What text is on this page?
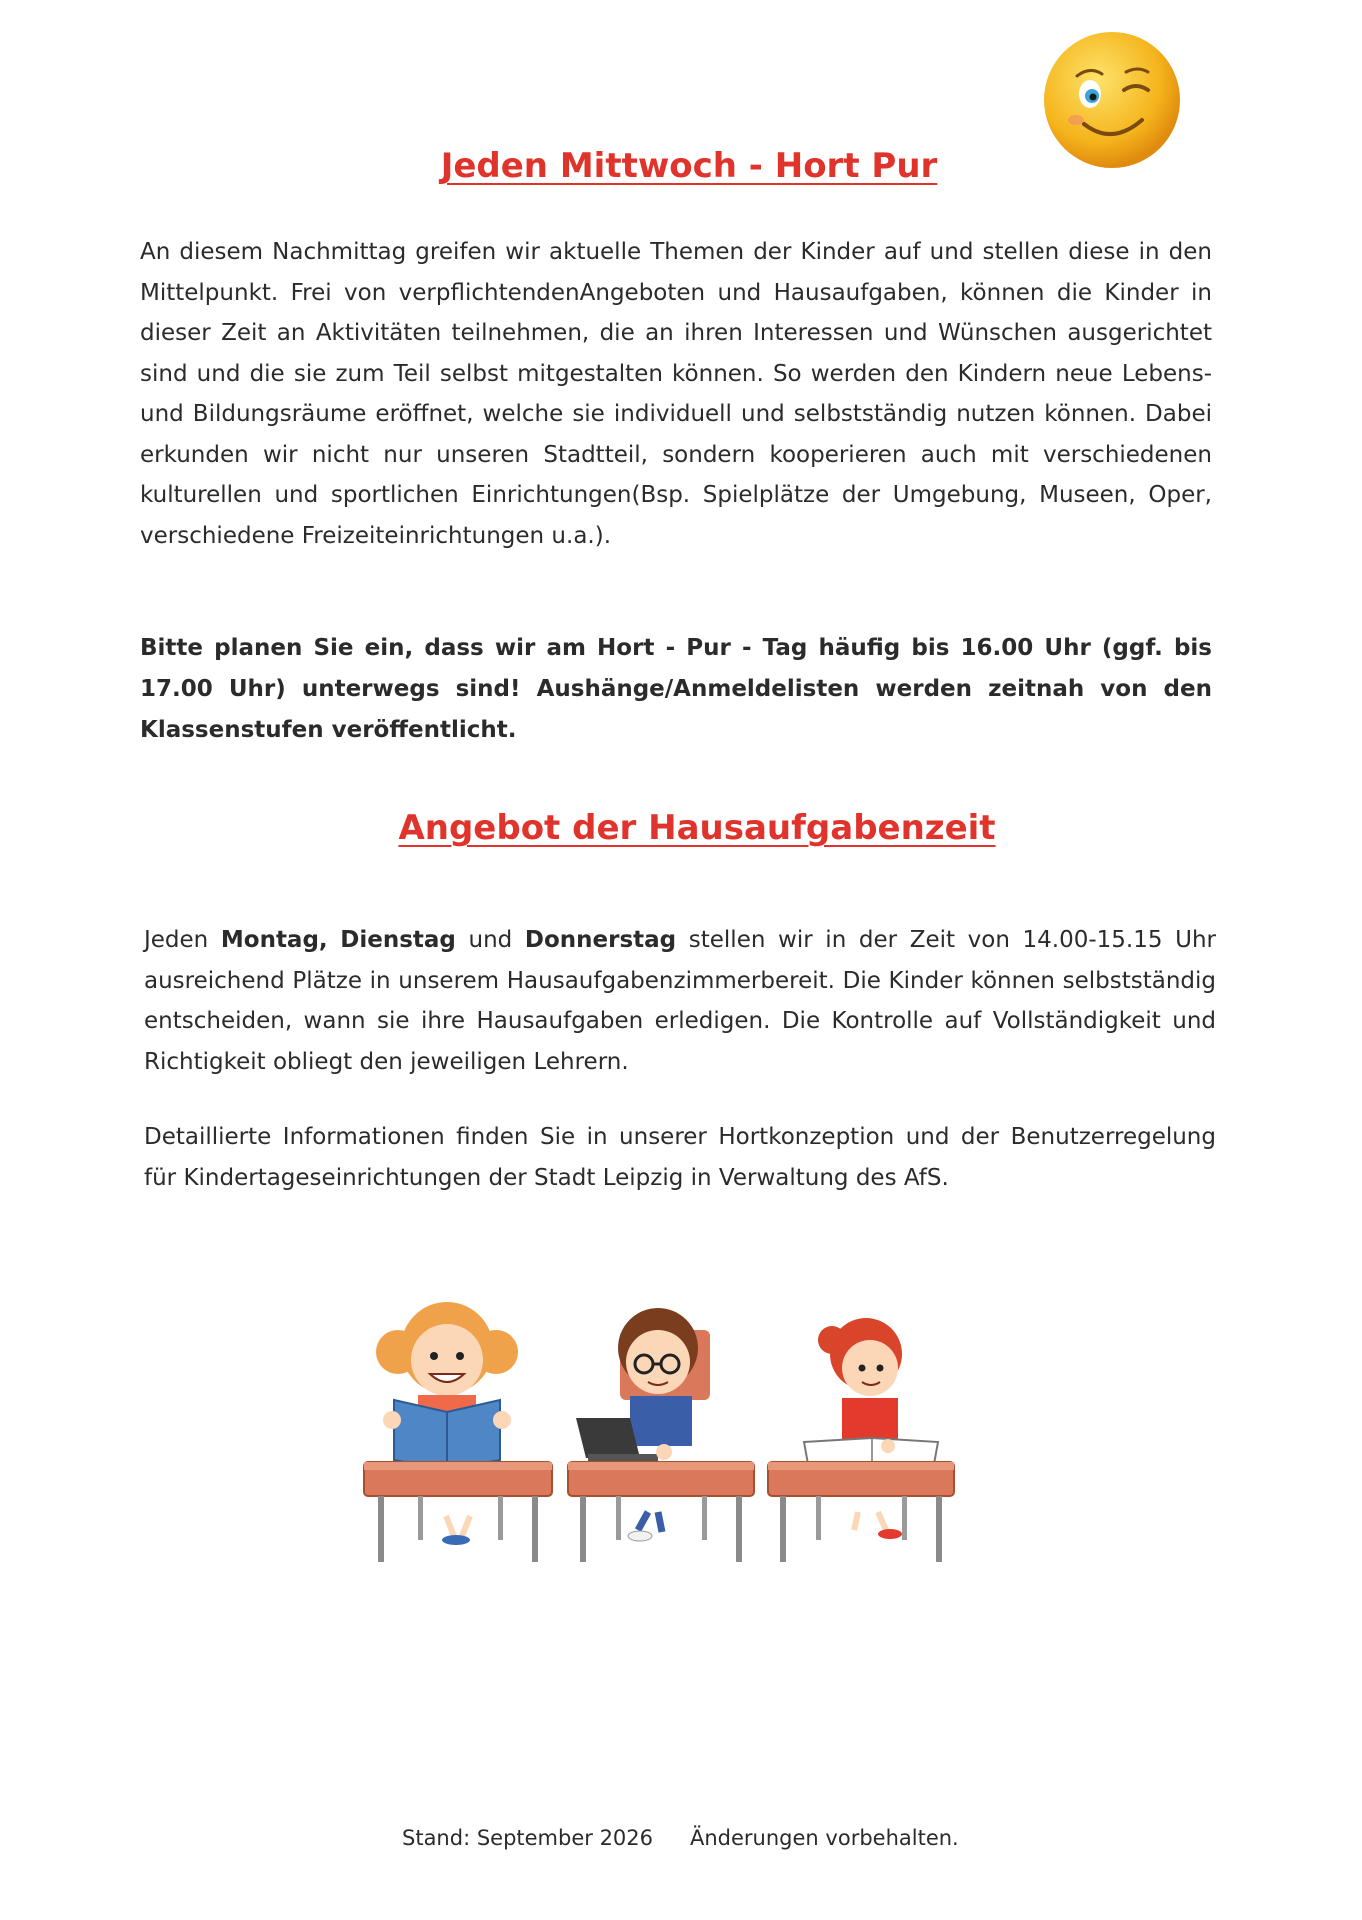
Jeden Mittwoch - Hort Pur
An diesem Nachmittag greifen wir aktuelle Themen der Kinder auf und stellen diese in den Mittelpunkt. Frei von verpflichtendenAngeboten und Hausaufgaben, können die Kinder in dieser Zeit an Aktivitäten teilnehmen, die an ihren Interessen und Wünschen ausgerichtet sind und die sie zum Teil selbst mitgestalten können. So werden den Kindern neue Lebens- und Bildungsräume eröffnet, welche sie individuell und selbstständig nutzen können. Dabei erkunden wir nicht nur unseren Stadtteil, sondern kooperieren auch mit verschiedenen kulturellen und sportlichen Einrichtungen(Bsp. Spielplätze der Umgebung, Museen, Oper, verschiedene Freizeiteinrichtungen u.a.).
Bitte planen Sie ein, dass wir am Hort - Pur - Tag häufig bis 16.00 Uhr (ggf. bis 17.00 Uhr) unterwegs sind! Aushänge/Anmeldelisten werden zeitnah von den Klassenstufen veröffentlicht.
Angebot der Hausaufgabenzeit
Jeden Montag, Dienstag und Donnerstag stellen wir in der Zeit von 14.00-15.15 Uhr ausreichend Plätze in unserem Hausaufgabenzimmerbereit. Die Kinder können selbstständig entscheiden, wann sie ihre Hausaufgaben erledigen. Die Kontrolle auf Vollständigkeit und Richtigkeit obliegt den jeweiligen Lehrern.
Detaillierte Informationen finden Sie in unserer Hortkonzeption und der Benutzerregelung für Kindertageseinrichtungen der Stadt Leipzig in Verwaltung des AfS.
Stand: September 2026 Änderungen vorbehalten.
